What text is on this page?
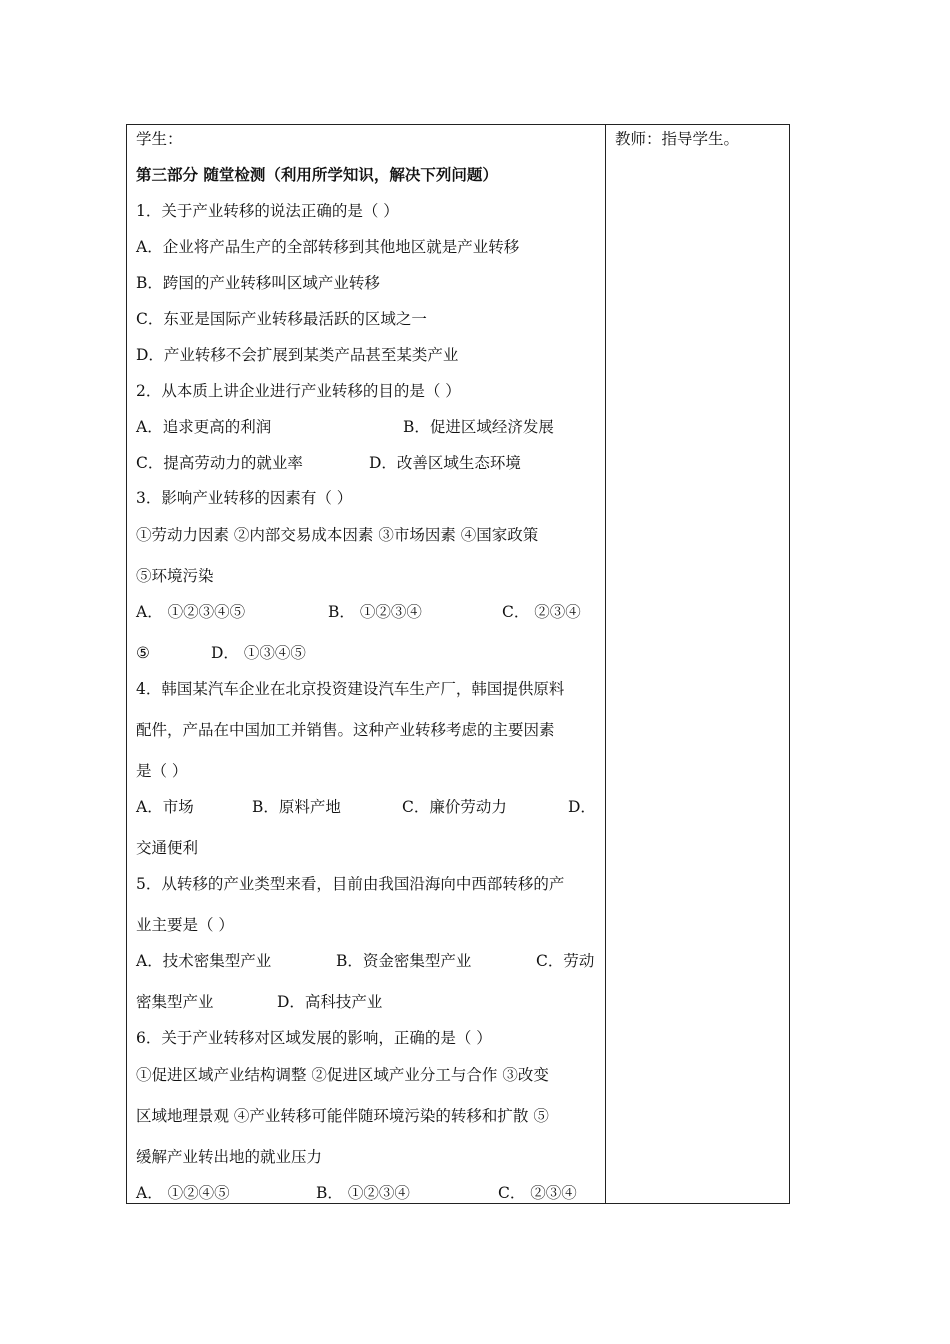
学生：
第三部分 随堂检测（利用所学知识，解决下列问题）
1．关于产业转移的说法正确的是（ ）
A．企业将产品生产的全部转移到其他地区就是产业转移
B．跨国的产业转移叫区域产业转移
C．东亚是国际产业转移最活跃的区域之一
D．产业转移不会扩展到某类产品甚至某类产业
2．从本质上讲企业进行产业转移的目的是（ ）
A．追求更高的利润	B．促进区域经济发展
C．提高劳动力的就业率	D．改善区域生态环境
3．影响产业转移的因素有（ ）
①劳动力因素 ②内部交易成本因素 ③市场因素 ④国家政策
⑤环境污染
A． ①②③④⑤	B． ①②③④	C． ②③④
⑤	D． ①③④⑤
4．韩国某汽车企业在北京投资建设汽车生产厂，韩国提供原料
配件，产品在中国加工并销售。这种产业转移考虑的主要因素
是（ ）
A．市场	B．原料产地	C．廉价劳动力	D．
交通便利
5．从转移的产业类型来看，目前由我国沿海向中西部转移的产
业主要是（ ）
A．技术密集型产业	B．资金密集型产业	C．劳动
密集型产业	D．高科技产业
6．关于产业转移对区域发展的影响，正确的是（ ）
①促进区域产业结构调整 ②促进区域产业分工与合作 ③改变
区域地理景观 ④产业转移可能伴随环境污染的转移和扩散 ⑤
缓解产业转出地的就业压力
A． ①②④⑤	B． ①②③④	C． ②③④
教师：指导学生。
